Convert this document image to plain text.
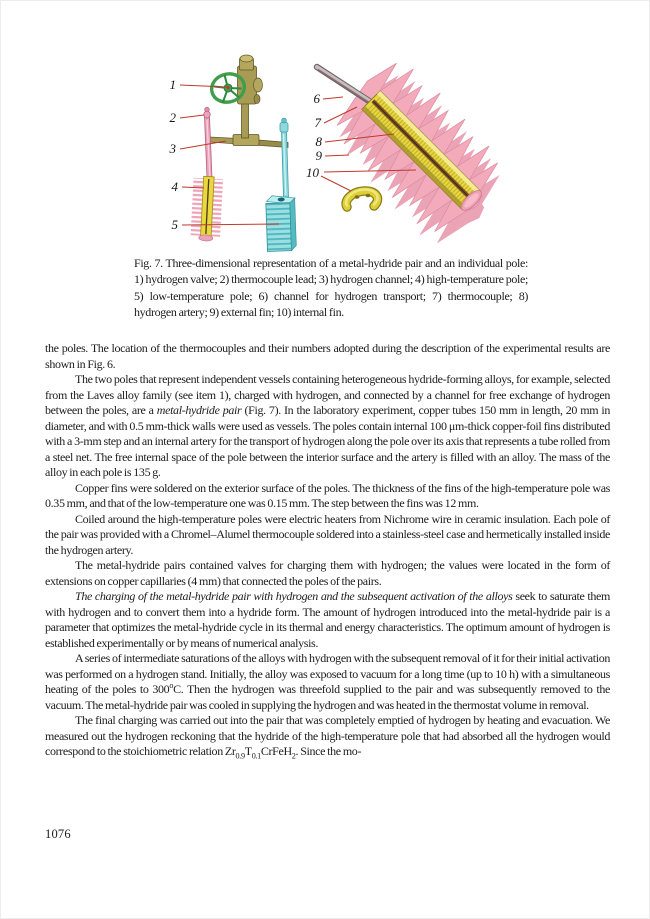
1
2
3
4
5
6
7
8
9
10
Fig. 7. Three-dimensional representation of a metal-hydride pair and an individual pole: 1) hydrogen valve; 2) thermocouple lead; 3) hydrogen channel; 4) high-temperature pole; 5) low-temperature pole; 6) channel for hydrogen transport; 7) thermocouple; 8) hydrogen artery; 9) external fin; 10) internal fin.

the poles. The location of the thermocouples and their numbers adopted during the description of the experimental results are shown in Fig. 6.

The two poles that represent independent vessels containing heterogeneous hydride-forming alloys, for example, selected from the Laves alloy family (see item 1), charged with hydrogen, and connected by a channel for free exchange of hydrogen between the poles, are a metal-hydride pair (Fig. 7). In the laboratory experiment, copper tubes 150 mm in length, 20 mm in diameter, and with 0.5 mm-thick walls were used as vessels. The poles contain internal 100 μm-thick copper-foil fins distributed with a 3-mm step and an internal artery for the transport of hydrogen along the pole over its axis that represents a tube rolled from a steel net. The free internal space of the pole between the interior surface and the artery is filled with an alloy. The mass of the alloy in each pole is 135 g.

Copper fins were soldered on the exterior surface of the poles. The thickness of the fins of the high-temperature pole was 0.35 mm, and that of the low-temperature one was 0.15 mm. The step between the fins was 12 mm.

Coiled around the high-temperature poles were electric heaters from Nichrome wire in ceramic insulation. Each pole of the pair was provided with a Chromel–Alumel thermocouple soldered into a stainless-steel case and hermetically installed inside the hydrogen artery.

The metal-hydride pairs contained valves for charging them with hydrogen; the values were located in the form of extensions on copper capillaries (4 mm) that connected the poles of the pairs.

The charging of the metal-hydride pair with hydrogen and the subsequent activation of the alloys seek to saturate them with hydrogen and to convert them into a hydride form. The amount of hydrogen introduced into the metal-hydride pair is a parameter that optimizes the metal-hydride cycle in its thermal and energy characteristics. The optimum amount of hydrogen is established experimentally or by means of numerical analysis.

A series of intermediate saturations of the alloys with hydrogen with the subsequent removal of it for their initial activation was performed on a hydrogen stand. Initially, the alloy was exposed to vacuum for a long time (up to 10 h) with a simultaneous heating of the poles to 300$^o$C. Then the hydrogen was threefold supplied to the pair and was subsequently removed to the vacuum. The metal-hydride pair was cooled in supplying the hydrogen and was heated in the thermostat volume in removal.

The final charging was carried out into the pair that was completely emptied of hydrogen by heating and evacuation. We measured out the hydrogen reckoning that the hydride of the high-temperature pole that had absorbed all the hydrogen would correspond to the stoichiometric relation $Zr_{0.9}T_{0.1}CrFeH_2$. Since the mo-

1076
